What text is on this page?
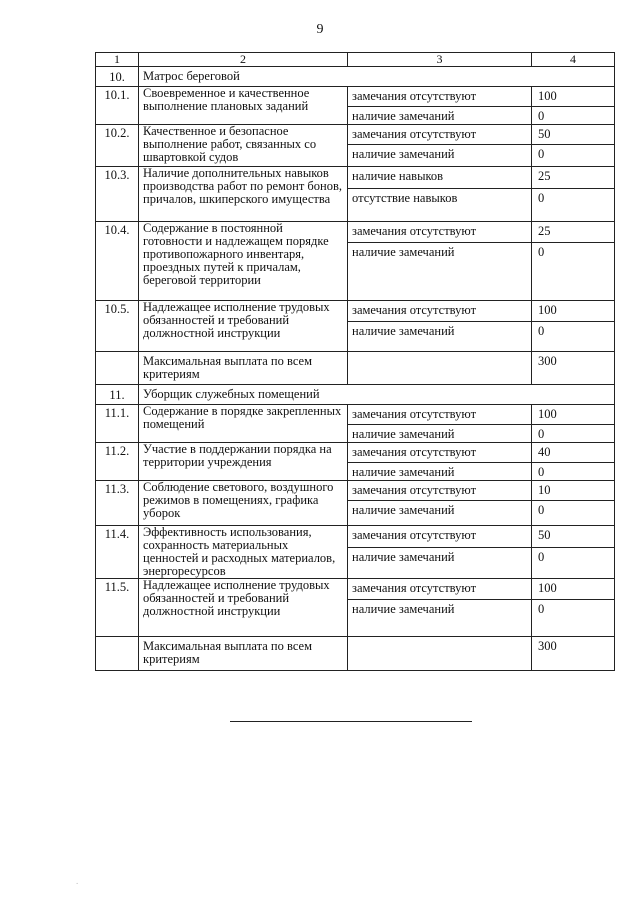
9
1	2	3	4
10.	Матрос береговой		
10.1.	Своевременное и качественное выполнение плановых заданий	замечания отсутствуют	100
		наличие замечаний	0
10.2.	Качественное и безопасное выполнение работ, связанных со швартовкой судов	замечания отсутствуют	50
		наличие замечаний	0
10.3.	Наличие дополнительных навыков производства работ по ремонт бонов, причалов, шкиперского имущества	наличие навыков	25
		отсутствие навыков	0
10.4.	Содержание в постоянной готовности и надлежащем порядке противопожарного инвентаря, проездных путей к причалам, береговой территории	замечания отсутствуют	25
		наличие замечаний	0
10.5.	Надлежащее исполнение трудовых обязанностей и требований должностной инструкции	замечания отсутствуют	100
		наличие замечаний	0
	Максимальная выплата по всем критериям		300
11.	Уборщик служебных помещений		
11.1.	Содержание в порядке закрепленных помещений	замечания отсутствуют	100
		наличие замечаний	0
11.2.	Участие в поддержании порядка на территории учреждения	замечания отсутствуют	40
		наличие замечаний	0
11.3.	Соблюдение светового, воздушного режимов в помещениях, графика уборок	замечания отсутствуют	10
		наличие замечаний	0
11.4.	Эффективность использования, сохранность материальных ценностей и расходных материалов, энергоресурсов	замечания отсутствуют	50
		наличие замечаний	0
11.5.	Надлежащее исполнение трудовых обязанностей и требований должностной инструкции	замечания отсутствуют	100
		наличие замечаний	0
	Максимальная выплата по всем критериям		300
.
